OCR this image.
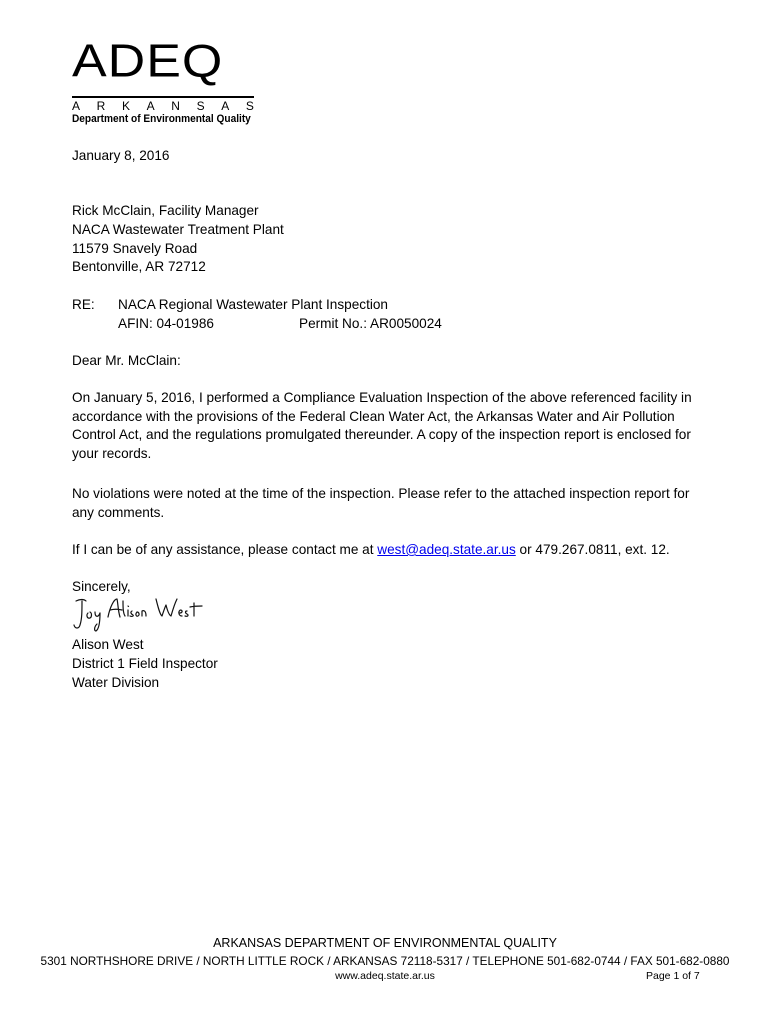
ADEQ
A R K A N S A S
Department of Environmental Quality
January 8, 2016
Rick McClain, Facility Manager
NACA Wastewater Treatment Plant
11579 Snavely Road
Bentonville, AR 72712
RE: NACA Regional Wastewater Plant Inspection
AFIN: 04-01986	Permit No.: AR0050024
Dear Mr. McClain:
On January 5, 2016, I performed a Compliance Evaluation Inspection of the above referenced facility in accordance with the provisions of the Federal Clean Water Act, the Arkansas Water and Air Pollution Control Act, and the regulations promulgated thereunder. A copy of the inspection report is enclosed for your records.
No violations were noted at the time of the inspection. Please refer to the attached inspection report for any comments.
If I can be of any assistance, please contact me at west@adeq.state.ar.us or 479.267.0811, ext. 12.
Sincerely,
Alison West
District 1 Field Inspector
Water Division
ARKANSAS DEPARTMENT OF ENVIRONMENTAL QUALITY
5301 NORTHSHORE DRIVE / NORTH LITTLE ROCK / ARKANSAS 72118-5317 / TELEPHONE 501-682-0744 / FAX 501-682-0880
www.adeq.state.ar.us	Page 1 of 7
